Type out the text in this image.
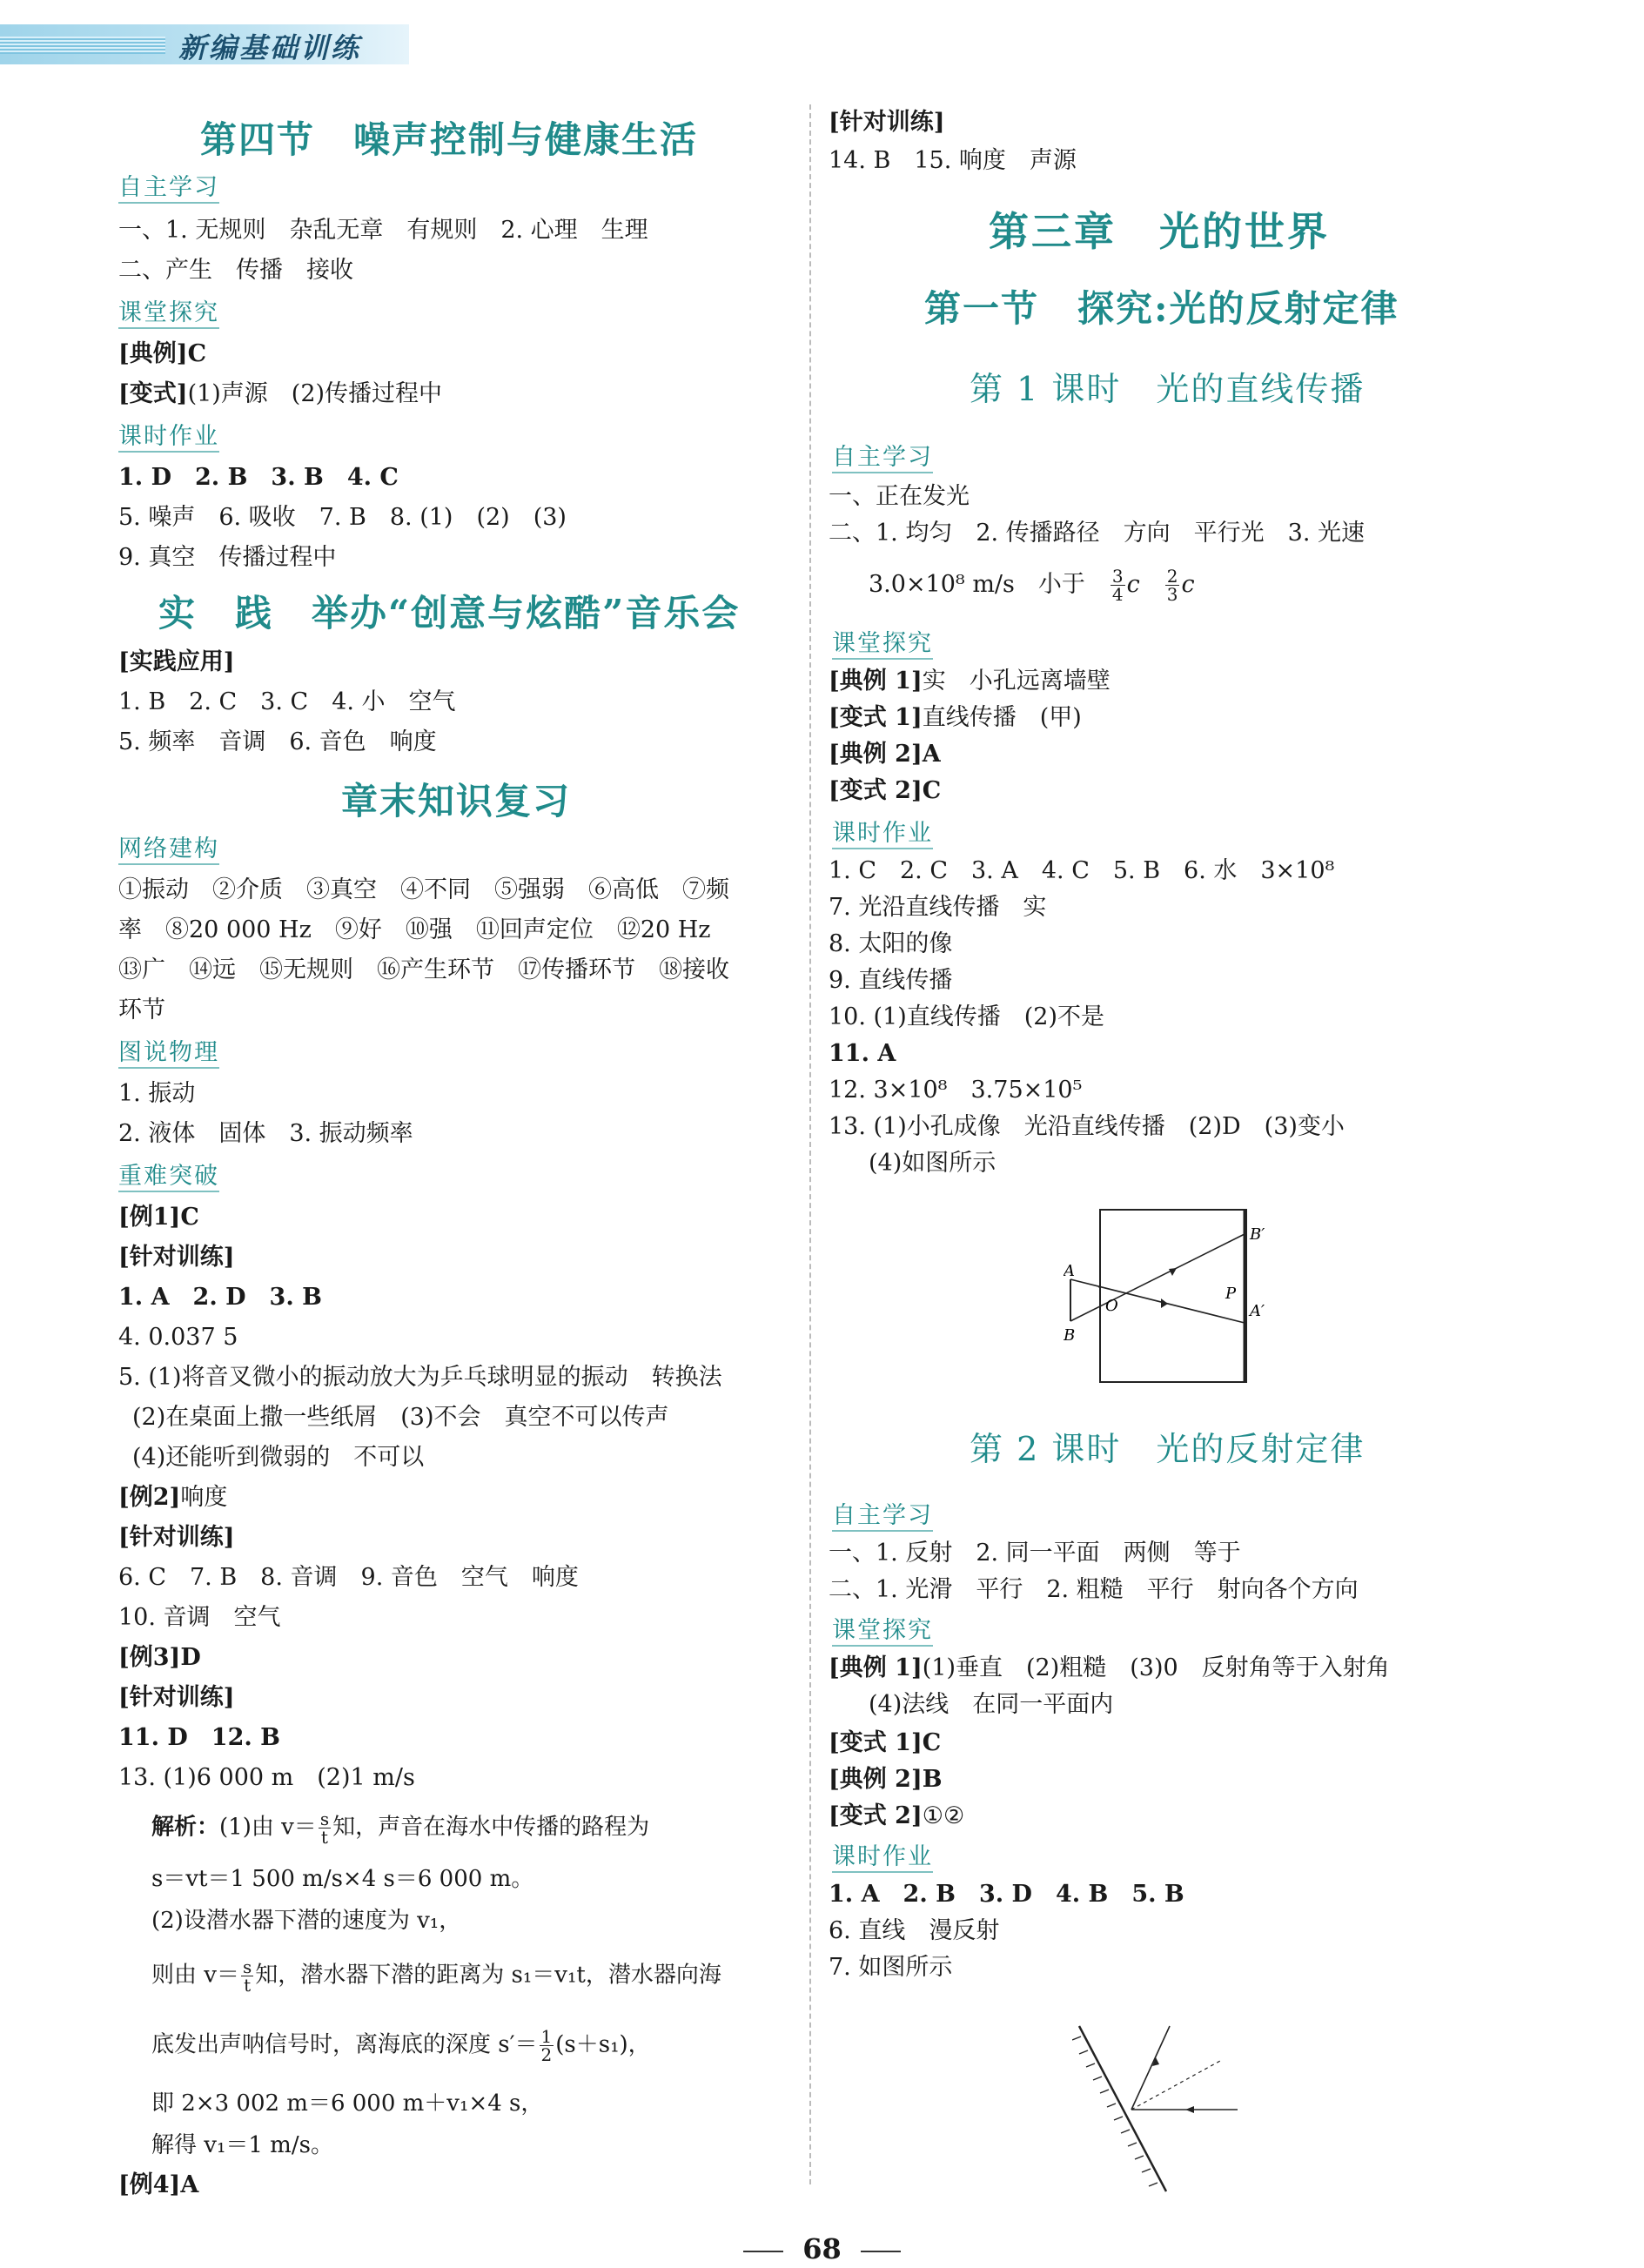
新编基础训练
第四节　噪声控制与健康生活
自主学习
一、1. 无规则　杂乱无章　有规则　2. 心理　生理
二、产生　传播　接收
课堂探究
[典例]C
[变式](1)声源　(2)传播过程中
课时作业
1. D　2. B　3. B　4. C
5. 噪声　6. 吸收　7. B　8. (1)　(2)　(3)
9. 真空　传播过程中
实　践　举办“创意与炫酷”音乐会
[实践应用]
1. B　2. C　3. C　4. 小　空气
5. 频率　音调　6. 音色　响度
章末知识复习
网络建构
①振动　②介质　③真空　④不同　⑤强弱　⑥高低　⑦频
率　⑧20 000 Hz　⑨好　⑩强　⑪回声定位　⑫20 Hz
⑬广　⑭远　⑮无规则　⑯产生环节　⑰传播环节　⑱接收
环节
图说物理
1. 振动
2. 液体　固体　3. 振动频率
重难突破
[例1]C
[针对训练]
1. A　2. D　3. B
4. 0.037 5
5. (1)将音叉微小的振动放大为乒乓球明显的振动　转换法
(2)在桌面上撒一些纸屑　(3)不会　真空不可以传声
(4)还能听到微弱的　不可以
[例2]响度
[针对训练]
6. C　7. B　8. 音调　9. 音色　空气　响度
10. 音调　空气
[例3]D
[针对训练]
11. D　12. B
13. (1)6 000 m　(2)1 m/s
解析：(1)由 $v= \frac{s}{t}$ 知，声音在海水中传播的路程为
s＝vt＝1 500 m/s×4 s＝6 000 m。
(2)设潜水器下潜的速度为 v₁，
则由 $v= \frac{s}{t}$ 知，潜水器下潜的距离为 s₁＝v₁t，潜水器向海
底发出声呐信号时，离海底的深度 $s'= \frac{1}{2} (s+s_1)$，
即 2×3 002 m＝6 000 m＋v₁×4 s，
解得 v₁＝1 m/s。
[例4]A
[针对训练]
14. B　15. 响度　声源
第三章　光的世界
第一节　探究:光的反射定律
第 1 课时　光的直线传播
自主学习
一、正在发光
二、1. 均匀　2. 传播路径　方向　平行光　3. 光速
3.0×10⁸ m/s　小于　 $\frac{3}{4}$ c　 $\frac{2}{3}$ c
课堂探究
[典例 1]实　小孔远离墙壁
[变式 1]直线传播　(甲)
[典例 2]A
[变式 2]C
课时作业
1. C　2. C　3. A　4. C　5. B　6. 水　3×10⁸
7. 光沿直线传播　实
8. 太阳的像
9. 直线传播
10. (1)直线传播　(2)不是
11. A
12. 3×10⁸　3.75×10⁵
13. (1)小孔成像　光沿直线传播　(2)D　(3)变小
(4)如图所示
A
B
O
P
B′
A′
第 2 课时　光的反射定律
自主学习
一、1. 反射　2. 同一平面　两侧　等于
二、1. 光滑　平行　2. 粗糙　平行　射向各个方向
课堂探究
[典例 1](1)垂直　(2)粗糙　(3)0　反射角等于入射角
(4)法线　在同一平面内
[变式 1]C
[典例 2]B
[变式 2]①②
课时作业
1. A　2. B　3. D　4. B　5. B
6. 直线　漫反射
7. 如图所示
68
